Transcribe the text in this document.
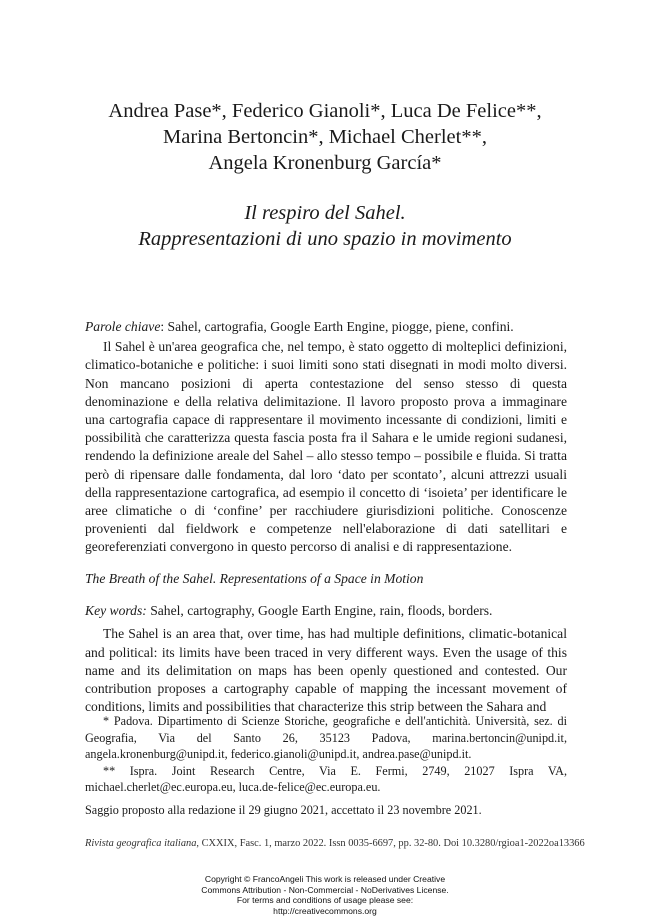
Andrea Pase*, Federico Gianoli*, Luca De Felice**,
Marina Bertoncin*, Michael Cherlet**,
Angela Kronenburg García*
Il respiro del Sahel.
Rappresentazioni di uno spazio in movimento

Parole chiave: Sahel, cartografia, Google Earth Engine, piogge, piene, confini.

Il Sahel è un'area geografica che, nel tempo, è stato oggetto di molteplici definizioni, climatico-botaniche e politiche: i suoi limiti sono stati disegnati in modi molto diversi. Non mancano posizioni di aperta contestazione del senso stesso di questa denominazione e della relativa delimitazione. Il lavoro proposto prova a immaginare una cartografia capace di rappresentare il movimento incessante di condizioni, limiti e possibilità che caratterizza questa fascia posta fra il Sahara e le umide regioni sudanesi, rendendo la definizione areale del Sahel – allo stesso tempo – possibile e fluida. Si tratta però di ripensare dalle fondamenta, dal loro ‘dato per scontato’, alcuni attrezzi usuali della rappresentazione cartografica, ad esempio il concetto di ‘isoieta’ per identificare le aree climatiche o di ‘confine’ per racchiudere giurisdizioni politiche. Conoscenze provenienti dal fieldwork e competenze nell'elaborazione di dati satellitari e georeferenziati convergono in questo percorso di analisi e di rappresentazione.

The Breath of the Sahel. Representations of a Space in Motion

Key words: Sahel, cartography, Google Earth Engine, rain, floods, borders.

The Sahel is an area that, over time, has had multiple definitions, climatic-botanical and political: its limits have been traced in very different ways. Even the usage of this name and its delimitation on maps has been openly questioned and contested. Our contribution proposes a cartography capable of mapping the incessant movement of conditions, limits and possibilities that characterize this strip between the Sahara and

* Padova. Dipartimento di Scienze Storiche, geografiche e dell'antichità. Università, sez. di Geografia, Via del Santo 26, 35123 Padova, marina.bertoncin@unipd.it, angela.kronenburg@unipd.it, federico.gianoli@unipd.it, andrea.pase@unipd.it.

** Ispra. Joint Research Centre, Via E. Fermi, 2749, 21027 Ispra VA, michael.cherlet@ec.europa.eu, luca.de-felice@ec.europa.eu.

Saggio proposto alla redazione il 29 giugno 2021, accettato il 23 novembre 2021.

Rivista geografica italiana, CXXIX, Fasc. 1, marzo 2022. Issn 0035-6697, pp. 32-80. Doi 10.3280/rgioa1-2022oa13366
Copyright © FrancoAngeli This work is released under Creative
Commons Attribution - Non-Commercial - NoDerivatives License.
For terms and conditions of usage please see:
http://creativecommons.org
